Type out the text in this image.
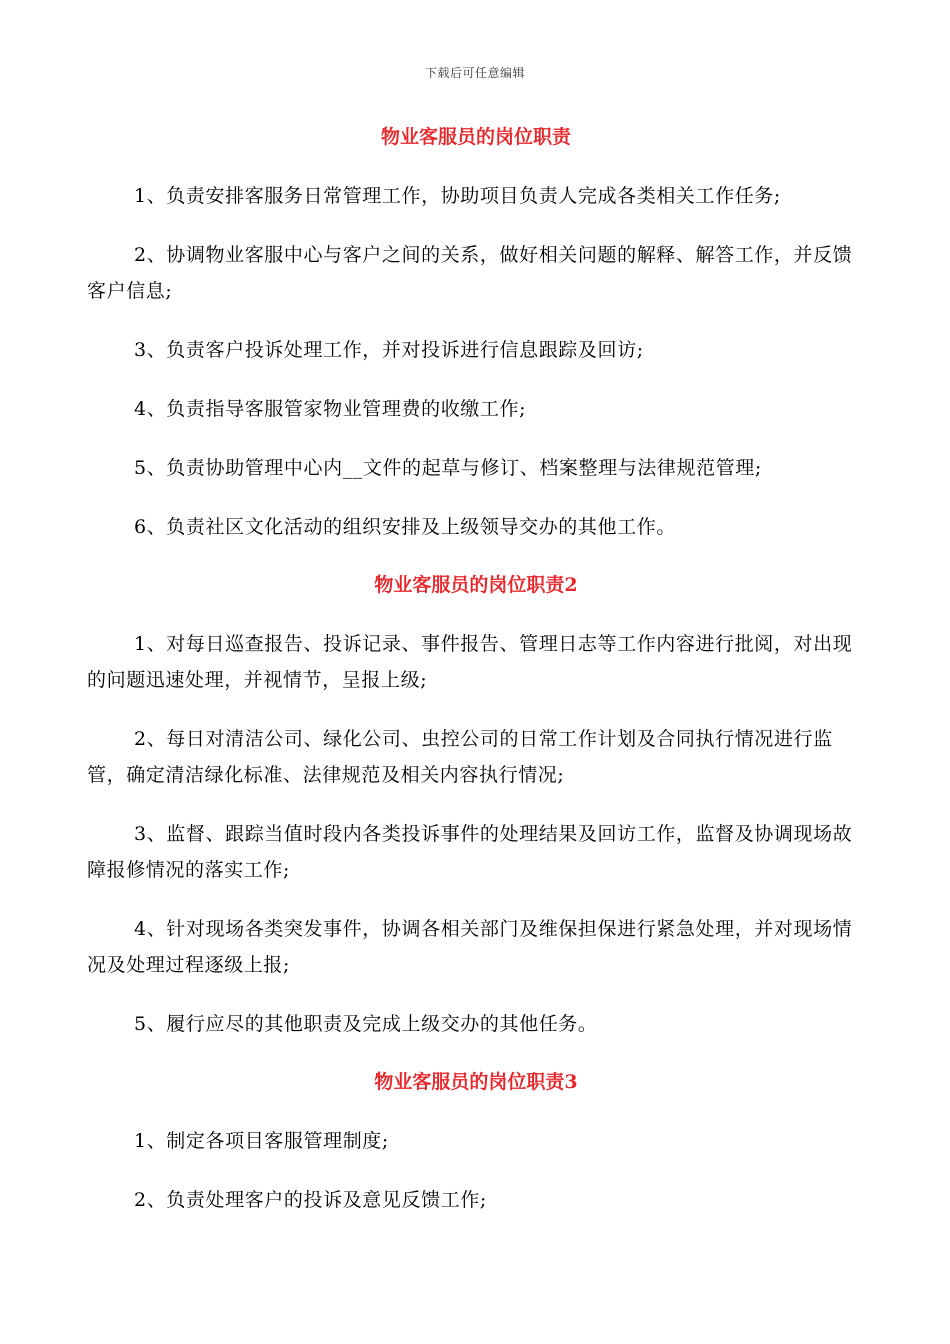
下载后可任意编辑
物业客服员的岗位职责

1、负责安排客服务日常管理工作，协助项目负责人完成各类相关工作任务;

2、协调物业客服中心与客户之间的关系，做好相关问题的解释、解答工作，并反馈客户信息;

3、负责客户投诉处理工作，并对投诉进行信息跟踪及回访;

4、负责指导客服管家物业管理费的收缴工作;

5、负责协助管理中心内__文件的起草与修订、档案整理与法律规范管理;

6、负责社区文化活动的组织安排及上级领导交办的其他工作。

物业客服员的岗位职责2

1、对每日巡查报告、投诉记录、事件报告、管理日志等工作内容进行批阅，对出现的问题迅速处理，并视情节，呈报上级;

2、每日对清洁公司、绿化公司、虫控公司的日常工作计划及合同执行情况进行监管，确定清洁绿化标准、法律规范及相关内容执行情况;

3、监督、跟踪当值时段内各类投诉事件的处理结果及回访工作，监督及协调现场故障报修情况的落实工作;

4、针对现场各类突发事件，协调各相关部门及维保担保进行紧急处理，并对现场情况及处理过程逐级上报;

5、履行应尽的其他职责及完成上级交办的其他任务。

物业客服员的岗位职责3

1、制定各项目客服管理制度;

2、负责处理客户的投诉及意见反馈工作;
